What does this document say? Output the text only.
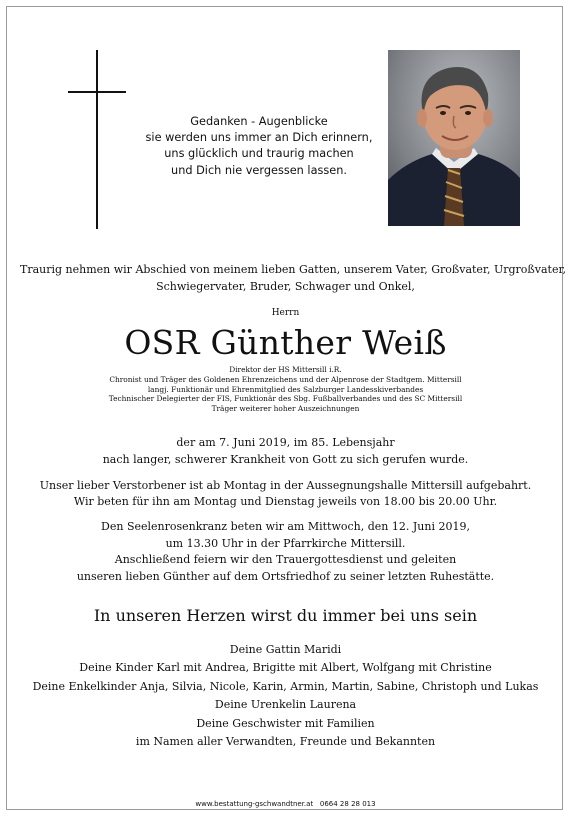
Gedanken - Augenblicke
sie werden uns immer an Dich erinnern,
uns glücklich und traurig machen
und Dich nie vergessen lassen.
Traurig nehmen wir Abschied von meinem lieben Gatten, unserem Vater, Großvater, Urgroßvater,
Schwiegervater, Bruder, Schwager und Onkel,
Herrn
OSR Günther Weiß
Direktor der HS Mittersill i.R.
Chronist und Träger des Goldenen Ehrenzeichens und der Alpenrose der Stadtgem. Mittersill
langj. Funktionär und Ehrenmitglied des Salzburger Landesskiverbandes
Technischer Delegierter der FIS, Funktionär des Sbg. Fußballverbandes und des SC Mittersill
Träger weiterer hoher Auszeichnungen
der am 7. Juni 2019, im 85. Lebensjahr
nach langer, schwerer Krankheit von Gott zu sich gerufen wurde.
Unser lieber Verstorbener ist ab Montag in der Aussegnungshalle Mittersill aufgebahrt.
Wir beten für ihn am Montag und Dienstag jeweils von 18.00 bis 20.00 Uhr.
Den Seelenrosenkranz beten wir am Mittwoch, den 12. Juni 2019,
um 13.30 Uhr in der Pfarrkirche Mittersill.
Anschließend feiern wir den Trauergottesdienst und geleiten
unseren lieben Günther auf dem Ortsfriedhof zu seiner letzten Ruhestätte.
In unseren Herzen wirst du immer bei uns sein
Deine Gattin Maridi
Deine Kinder Karl mit Andrea, Brigitte mit Albert, Wolfgang mit Christine
Deine Enkelkinder Anja, Silvia, Nicole, Karin, Armin, Martin, Sabine, Christoph und Lukas
Deine Urenkelin Laurena
Deine Geschwister mit Familien
im Namen aller Verwandten, Freunde und Bekannten
www.bestattung-gschwandtner.at 0664 28 28 013
